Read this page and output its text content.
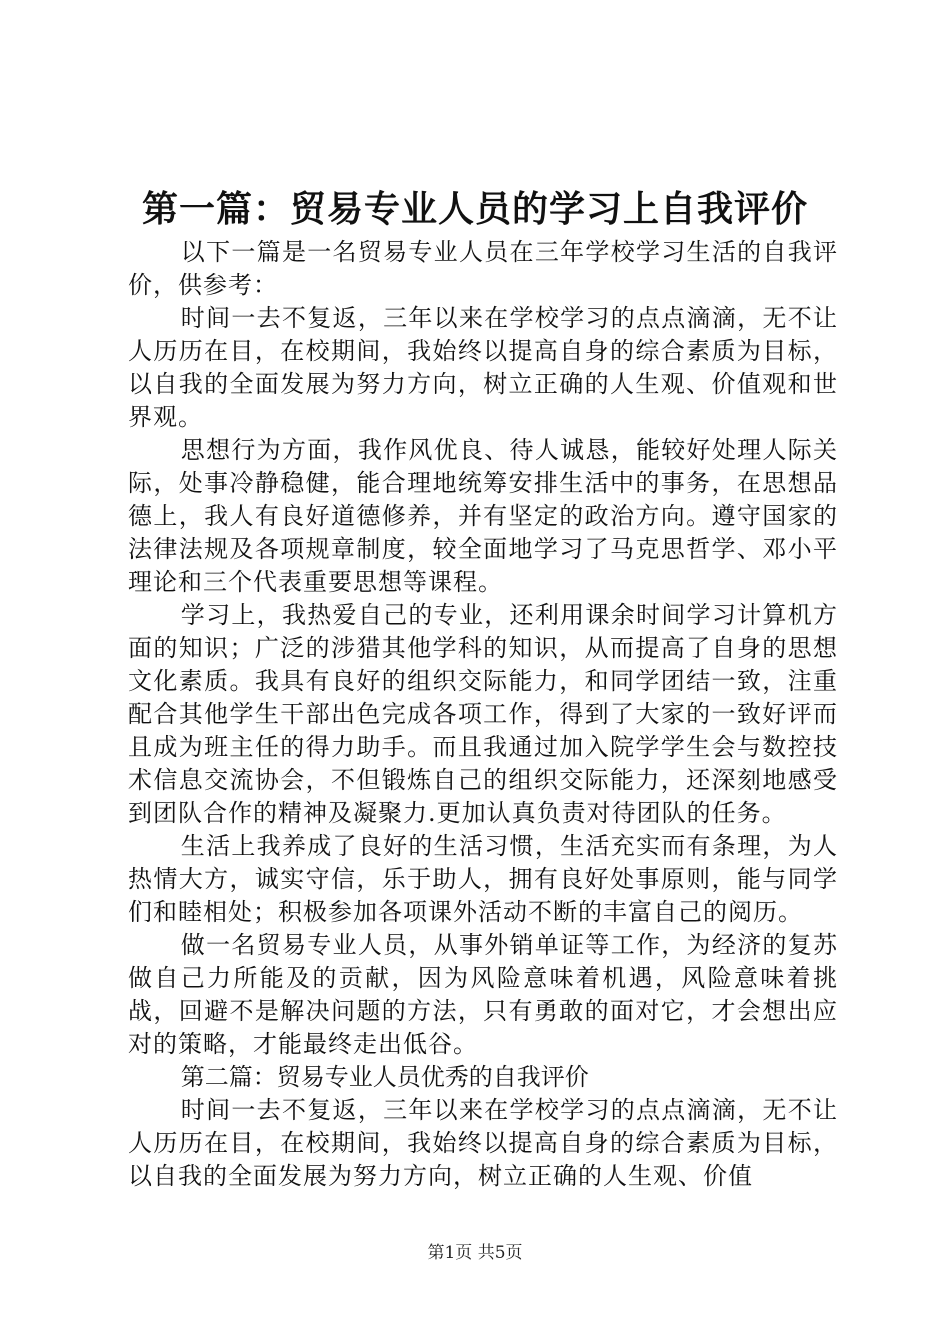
第一篇：贸易专业人员的学习上自我评价

以下一篇是一名贸易专业人员在三年学校学习生活的自我评价，供参考：

时间一去不复返，三年以来在学校学习的点点滴滴，无不让人历历在目，在校期间，我始终以提高自身的综合素质为目标，以自我的全面发展为努力方向，树立正确的人生观、价值观和世界观。

思想行为方面，我作风优良、待人诚恳，能较好处理人际关际，处事冷静稳健，能合理地统筹安排生活中的事务，在思想品德上，我人有良好道德修养，并有坚定的政治方向。遵守国家的法律法规及各项规章制度，较全面地学习了马克思哲学、邓小平理论和三个代表重要思想等课程。

学习上，我热爱自己的专业，还利用课余时间学习计算机方面的知识；广泛的涉猎其他学科的知识，从而提高了自身的思想文化素质。我具有良好的组织交际能力，和同学团结一致，注重配合其他学生干部出色完成各项工作，得到了大家的一致好评而且成为班主任的得力助手。而且我通过加入院学学生会与数控技术信息交流协会，不但锻炼自己的组织交际能力，还深刻地感受到团队合作的精神及凝聚力.更加认真负责对待团队的任务。

生活上我养成了良好的生活习惯，生活充实而有条理，为人热情大方，诚实守信，乐于助人，拥有良好处事原则，能与同学们和睦相处；积极参加各项课外活动不断的丰富自己的阅历。

做一名贸易专业人员，从事外销单证等工作，为经济的复苏做自己力所能及的贡献，因为风险意味着机遇，风险意味着挑战，回避不是解决问题的方法，只有勇敢的面对它，才会想出应对的策略，才能最终走出低谷。

第二篇：贸易专业人员优秀的自我评价

时间一去不复返，三年以来在学校学习的点点滴滴，无不让人历历在目，在校期间，我始终以提高自身的综合素质为目标，以自我的全面发展为努力方向，树立正确的人生观、价值

第1页 共5页
